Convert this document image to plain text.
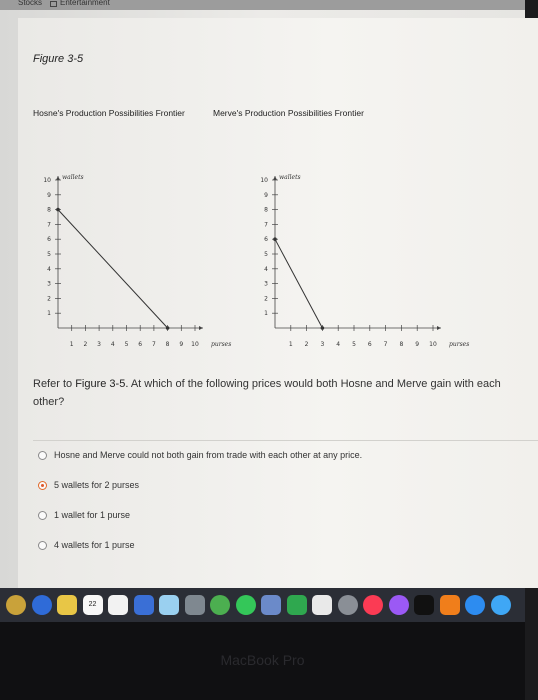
Stocks Entertainment
Figure 3-5
Hosne's Production Possibilities Frontier	Merve's Production Possibilities Frontier
1 2 3 4 5 6 7 8 9 10
1
2
3
4
5
6
7
8
9
10 wallets
purses	1 2 3 4 5 6 7 8 9 10
1
2
3
4
5
6
7
8
9
10 wallets
purses
Refer to Figure 3-5. At which of the following prices would both Hosne and Merve gain with each other?
Hosne and Merve could not both gain from trade with each other at any price.
5 wallets for 2 purses
1 wallet for 1 purse
4 wallets for 1 purse
22
MacBook Pro
